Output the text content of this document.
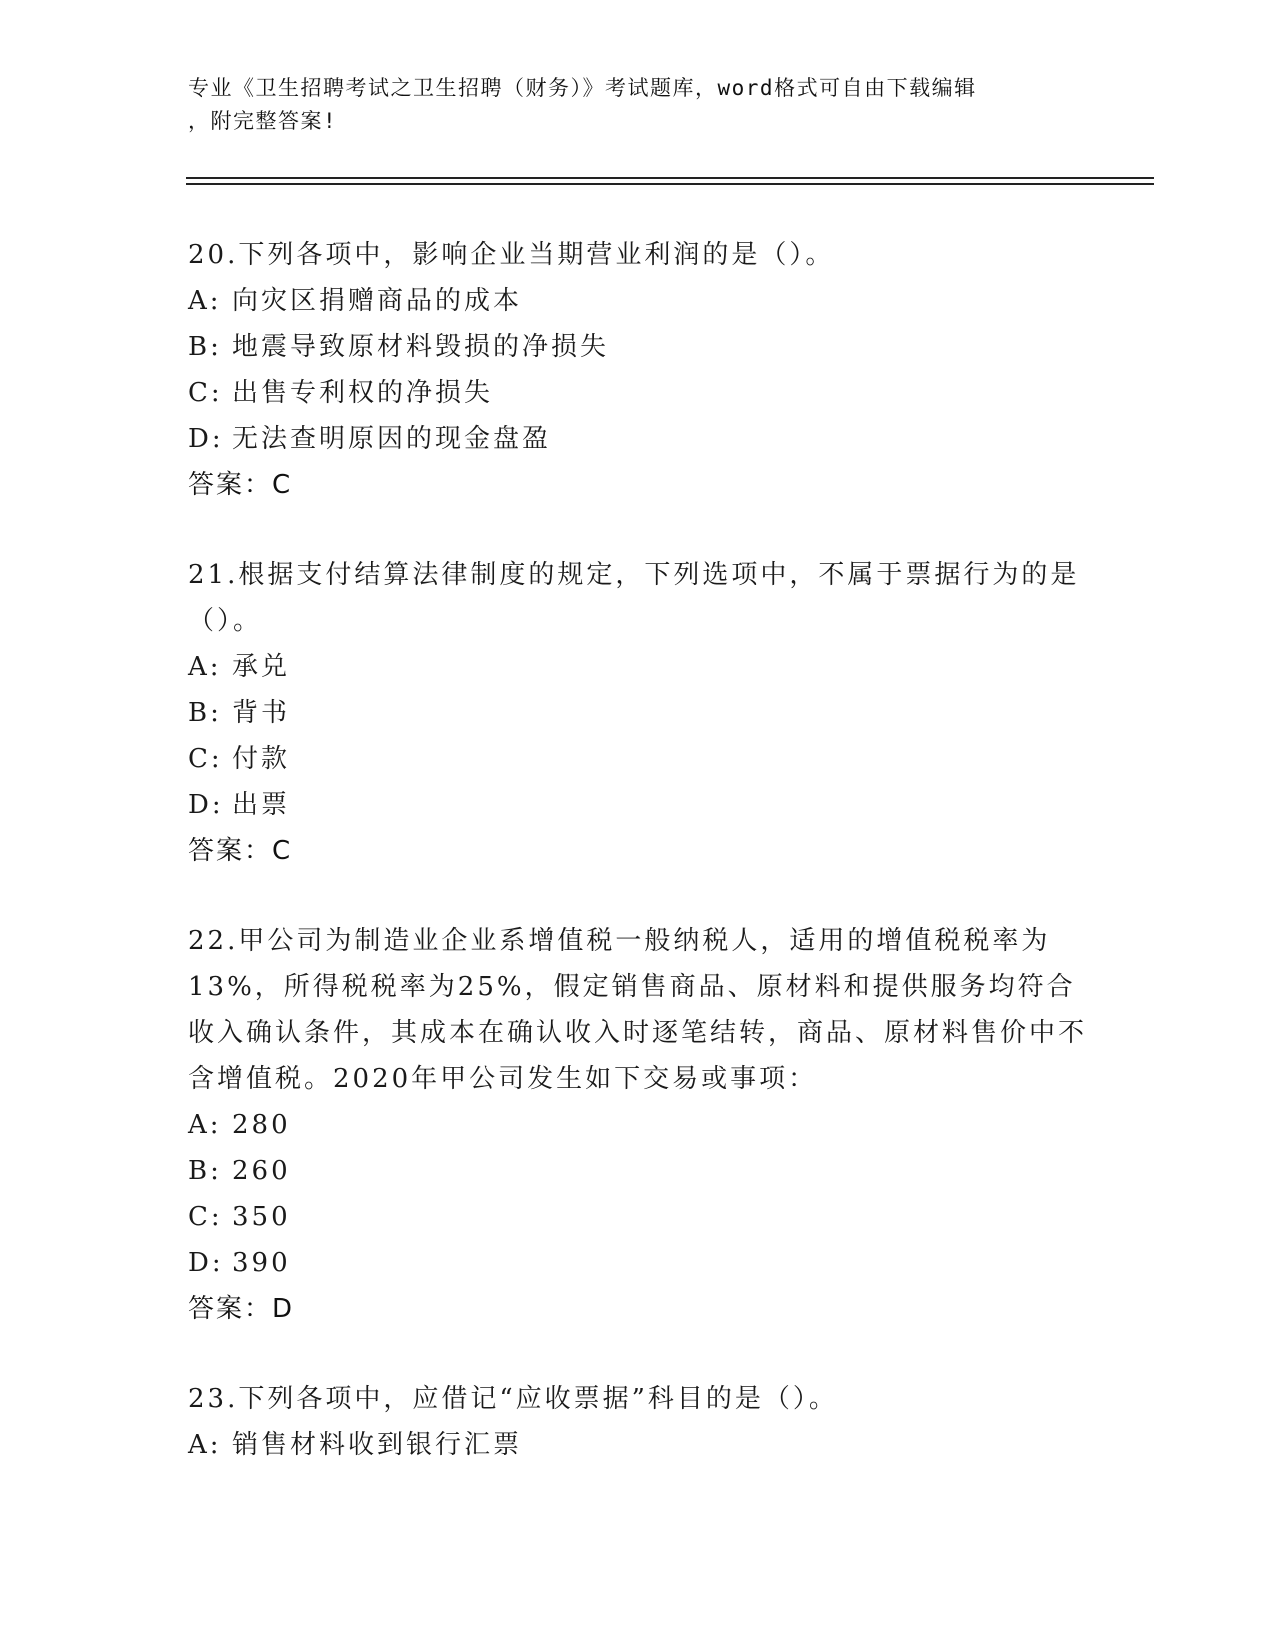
专业《卫生招聘考试之卫生招聘（财务）》考试题库，word格式可自由下载编辑
，附完整答案!

20.下列各项中，影响企业当期营业利润的是（）。

A: 向灾区捐赠商品的成本
B: 地震导致原材料毁损的净损失
C: 出售专利权的净损失
D: 无法查明原因的现金盘盈
答案：C

21.根据支付结算法律制度的规定，下列选项中，不属于票据行为的是（）。

A: 承兑
B: 背书
C: 付款
D: 出票
答案：C

22.甲公司为制造业企业系增值税一般纳税人，适用的增值税税率为13%，所得税税率为25%，假定销售商品、原材料和提供服务均符合收入确认条件，其成本在确认收入时逐笔结转，商品、原材料售价中不含增值税。2020年甲公司发生如下交易或事项：

A: 280
B: 260
C: 350
D: 390
答案：D

23.下列各项中，应借记“应收票据”科目的是（）。

A: 销售材料收到银行汇票
